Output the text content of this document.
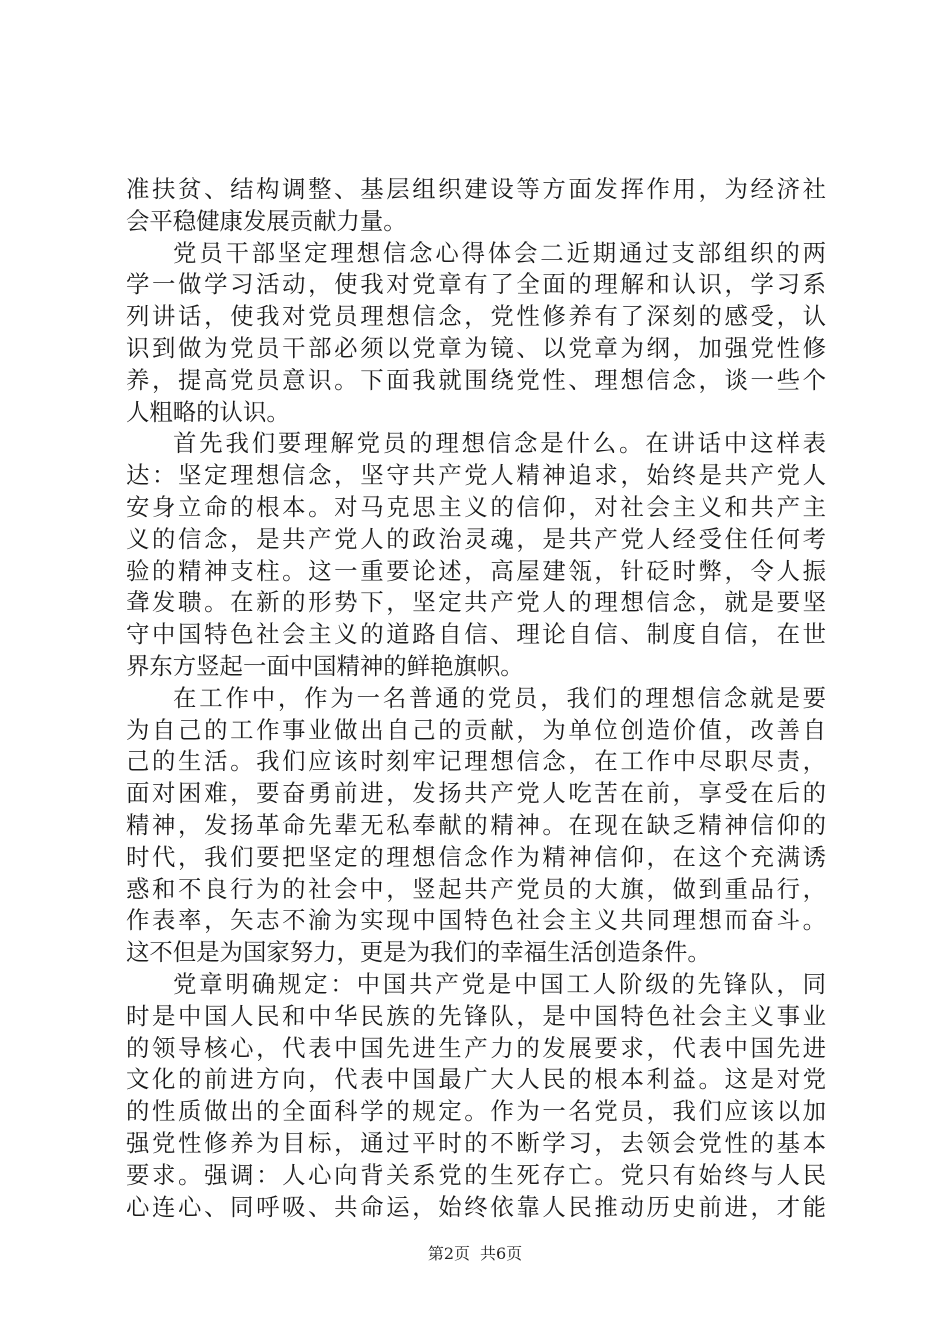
准扶贫、结构调整、基层组织建设等方面发挥作用，为经济社
会平稳健康发展贡献力量。
党员干部坚定理想信念心得体会二近期通过支部组织的两
学一做学习活动，使我对党章有了全面的理解和认识，学习系
列讲话，使我对党员理想信念，党性修养有了深刻的感受，认
识到做为党员干部必须以党章为镜、以党章为纲，加强党性修
养，提高党员意识。下面我就围绕党性、理想信念，谈一些个
人粗略的认识。
首先我们要理解党员的理想信念是什么。在讲话中这样表
达：坚定理想信念，坚守共产党人精神追求，始终是共产党人
安身立命的根本。对马克思主义的信仰，对社会主义和共产主
义的信念，是共产党人的政治灵魂，是共产党人经受住任何考
验的精神支柱。这一重要论述，高屋建瓴，针砭时弊，令人振
聋发聩。在新的形势下，坚定共产党人的理想信念，就是要坚
守中国特色社会主义的道路自信、理论自信、制度自信，在世
界东方竖起一面中国精神的鲜艳旗帜。
在工作中，作为一名普通的党员，我们的理想信念就是要
为自己的工作事业做出自己的贡献，为单位创造价值，改善自
己的生活。我们应该时刻牢记理想信念，在工作中尽职尽责，
面对困难，要奋勇前进，发扬共产党人吃苦在前，享受在后的
精神，发扬革命先辈无私奉献的精神。在现在缺乏精神信仰的
时代，我们要把坚定的理想信念作为精神信仰，在这个充满诱
惑和不良行为的社会中，竖起共产党员的大旗，做到重品行，
作表率，矢志不渝为实现中国特色社会主义共同理想而奋斗。
这不但是为国家努力，更是为我们的幸福生活创造条件。
党章明确规定：中国共产党是中国工人阶级的先锋队，同
时是中国人民和中华民族的先锋队，是中国特色社会主义事业
的领导核心，代表中国先进生产力的发展要求，代表中国先进
文化的前进方向，代表中国最广大人民的根本利益。这是对党
的性质做出的全面科学的规定。作为一名党员，我们应该以加
强党性修养为目标，通过平时的不断学习，去领会党性的基本
要求。强调：人心向背关系党的生死存亡。党只有始终与人民
心连心、同呼吸、共命运，始终依靠人民推动历史前进，才能
第2页 共6页
